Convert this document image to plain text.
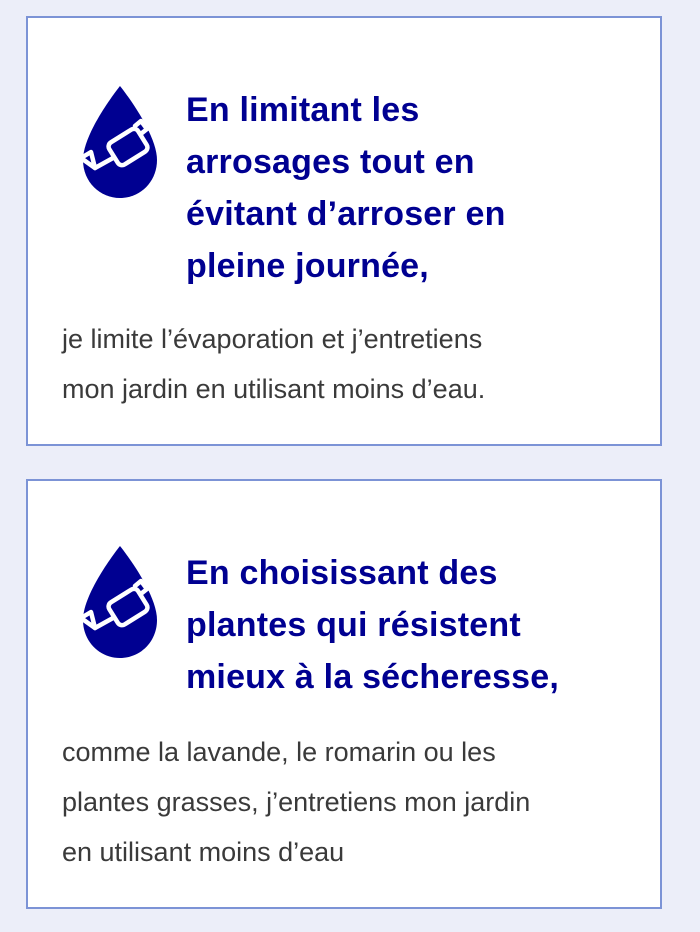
En limitant les
arrosages tout en
évitant d’arroser en
pleine journée,

je limite l’évaporation et j’entretiens
mon jardin en utilisant moins d’eau.

En choisissant des
plantes qui résistent
mieux à la sécheresse,

comme la lavande, le romarin ou les
plantes grasses, j’entretiens mon jardin
en utilisant moins d’eau
